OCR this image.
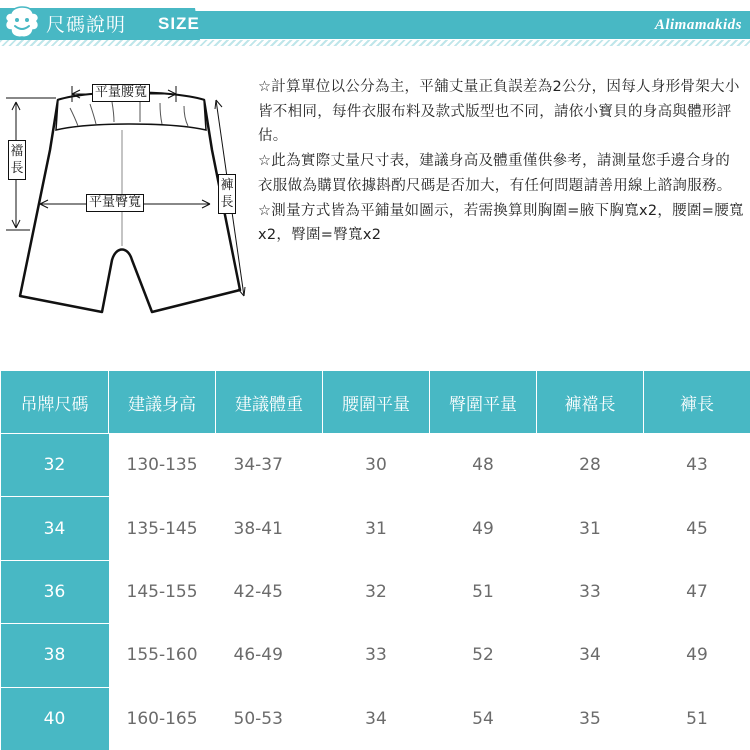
尺碼說明 SIZE	Alimamakids
平量腰寬
平量臀寬
襠
長
褲
長

☆計算單位以公分為主，平舖丈量正負誤差為2公分，因每人身形骨架大小皆不相同，每件衣服布料及款式版型也不同，請依小寶貝的身高與體形評估。

☆此為實際丈量尺寸表，建議身高及體重僅供參考，請測量您手邊合身的衣服做為購買依據斟酌尺碼是否加大，有任何問題請善用線上諮詢服務。

☆測量方式皆為平鋪量如圖示，若需換算則胸圍=腋下胸寬x2，腰圍=腰寬x2，臀圍=臀寬x2

吊牌尺碼	建議身高	建議體重	腰圍平量	臀圍平量	褲襠長	褲長
32	130-135	34-37	30	48	28	43
34	135-145	38-41	31	49	31	45
36	145-155	42-45	32	51	33	47
38	155-160	46-49	33	52	34	49
40	160-165	50-53	34	54	35	51
